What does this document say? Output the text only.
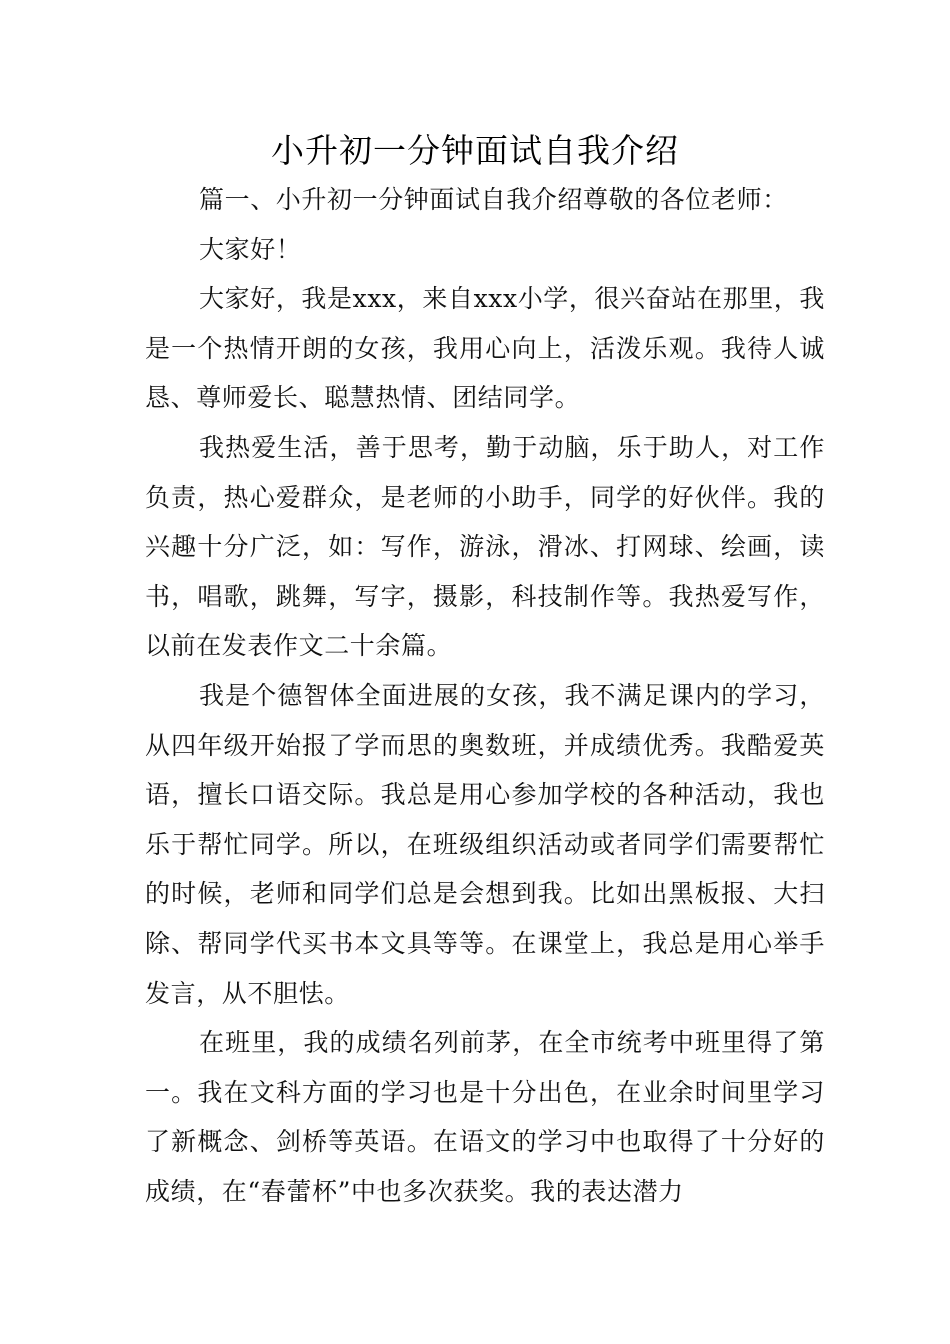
小升初一分钟面试自我介绍

篇一、小升初一分钟面试自我介绍尊敬的各位老师：

大家好！

大家好，我是xxx，来自xxx小学，很兴奋站在那里，我是一个热情开朗的女孩，我用心向上，活泼乐观。我待人诚恳、尊师爱长、聪慧热情、团结同学。

我热爱生活，善于思考，勤于动脑，乐于助人，对工作负责，热心爱群众，是老师的小助手，同学的好伙伴。我的兴趣十分广泛，如：写作，游泳，滑冰、打网球、绘画，读书，唱歌，跳舞，写字，摄影，科技制作等。我热爱写作，以前在发表作文二十余篇。

我是个德智体全面进展的女孩，我不满足课内的学习，从四年级开始报了学而思的奥数班，并成绩优秀。我酷爱英语，擅长口语交际。我总是用心参加学校的各种活动，我也乐于帮忙同学。所以，在班级组织活动或者同学们需要帮忙的时候，老师和同学们总是会想到我。比如出黑板报、大扫除、帮同学代买书本文具等等。在课堂上，我总是用心举手发言，从不胆怯。

在班里，我的成绩名列前茅，在全市统考中班里得了第一。我在文科方面的学习也是十分出色，在业余时间里学习了新概念、剑桥等英语。在语文的学习中也取得了十分好的成绩，在“春蕾杯”中也多次获奖。我的表达潜力
